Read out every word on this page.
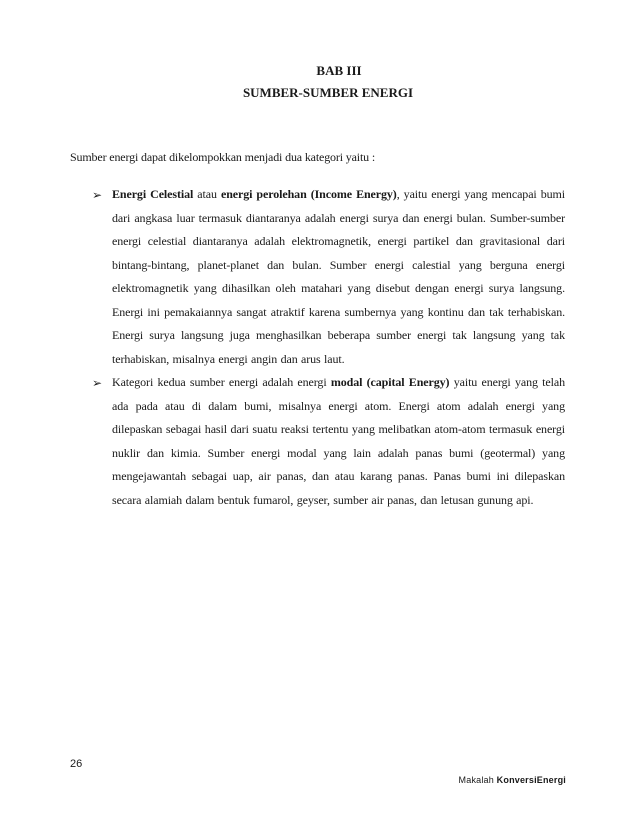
BAB III
SUMBER-SUMBER ENERGI
Sumber energi dapat dikelompokkan menjadi dua kategori yaitu :
➢ Energi Celestial atau energi perolehan (Income Energy), yaitu energi yang mencapai bumi dari angkasa luar termasuk diantaranya adalah energi surya dan energi bulan. Sumber-sumber energi celestial diantaranya adalah elektromagnetik, energi partikel dan gravitasional dari bintang-bintang, planet-planet dan bulan. Sumber energi calestial yang berguna energi elektromagnetik yang dihasilkan oleh matahari yang disebut dengan energi surya langsung. Energi ini pemakaiannya sangat atraktif karena sumbernya yang kontinu dan tak terhabiskan. Energi surya langsung juga menghasilkan beberapa sumber energi tak langsung yang tak terhabiskan, misalnya energi angin dan arus laut.
➢ Kategori kedua sumber energi adalah energi modal (capital Energy) yaitu energi yang telah ada pada atau di dalam bumi, misalnya energi atom. Energi atom adalah energi yang dilepaskan sebagai hasil dari suatu reaksi tertentu yang melibatkan atom-atom termasuk energi nuklir dan kimia. Sumber energi modal yang lain adalah panas bumi (geotermal) yang mengejawantah sebagai uap, air panas, dan atau karang panas. Panas bumi ini dilepaskan secara alamiah dalam bentuk fumarol, geyser, sumber air panas, dan letusan gunung api.
26
Makalah KonversiEnergi
